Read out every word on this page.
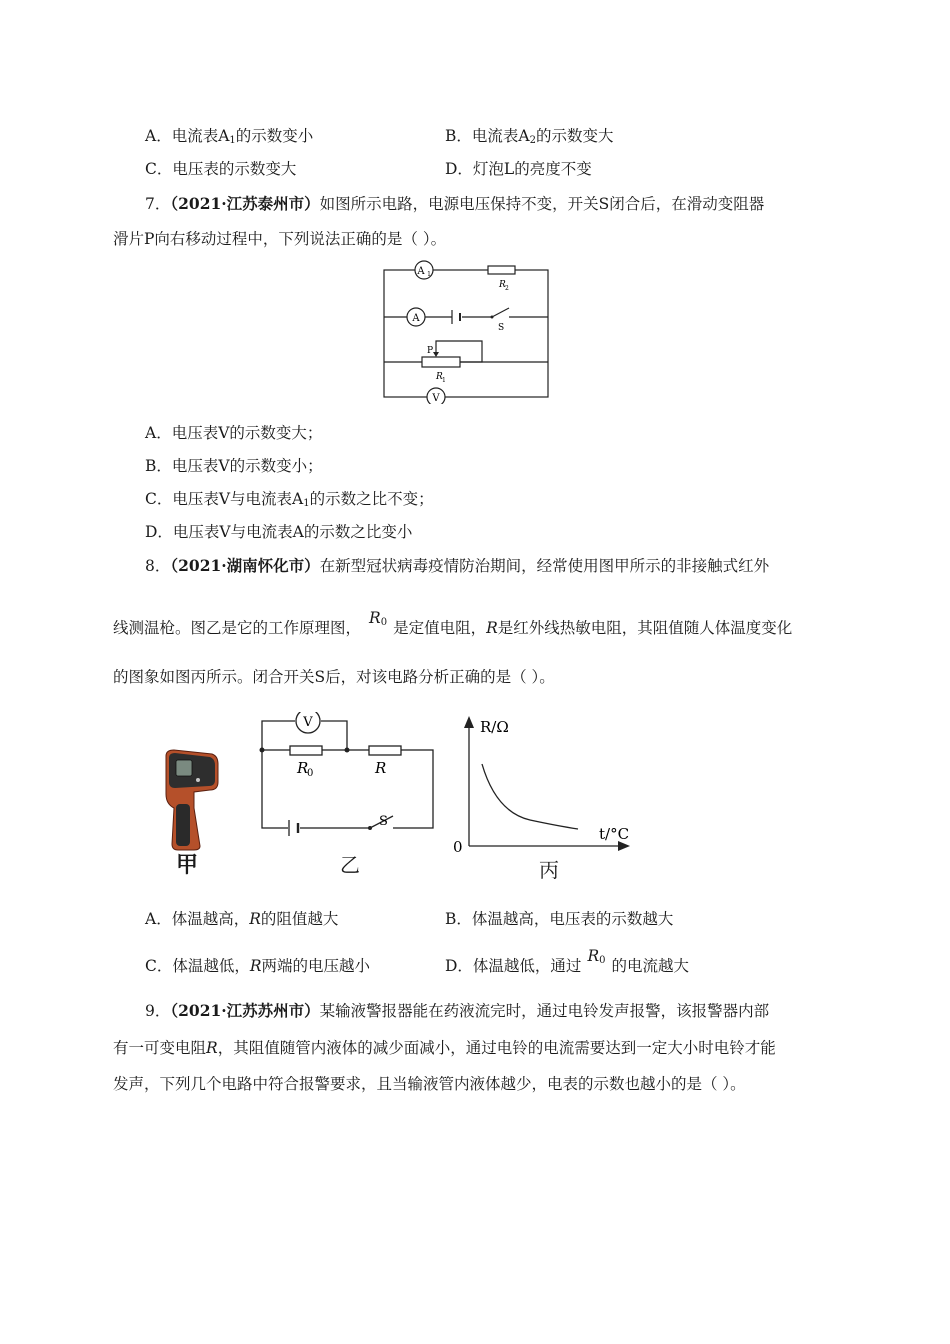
A．电流表$A_1$的示数变小	B．电流表$A_2$的示数变大
C．电压表的示数变大	D．灯泡L的亮度不变
7．（2021·江苏泰州市）如图所示电路，电源电压保持不变，开关S闭合后，在滑动变阻器
滑片P向右移动过程中，下列说法正确的是（ ）。
A 1
R 2
A
S
P
R 1
V
A．电压表V的示数变大；
B．电压表V的示数变小；
C．电压表V与电流表$A_1$的示数之比不变；
D．电压表V与电流表A的示数之比变小
8．（2021·湖南怀化市）在新型冠状病毒疫情防治期间，经常使用图甲所示的非接触式红外
线测温枪。图乙是它的工作原理图，$R_0$ 是定值电阻，R是红外线热敏电阻，其阻值随人体温度变化
的图象如图丙所示。闭合开关S后，对该电路分析正确的是（ ）。
甲
V
R
0	R
S
乙
R/Ω
t/°C
0
丙
A．体温越高，R的阻值越大	B．体温越高，电压表的示数越大
C．体温越低，R两端的电压越小	D．体温越低，通过$R_0$ 的电流越大
9．（2021·江苏苏州市）某输液警报器能在药液流完时，通过电铃发声报警，该报警器内部
有一可变电阻R，其阻值随管内液体的减少面减小，通过电铃的电流需要达到一定大小时电铃才能
发声，下列几个电路中符合报警要求，且当输液管内液体越少，电表的示数也越小的是（ ）。
